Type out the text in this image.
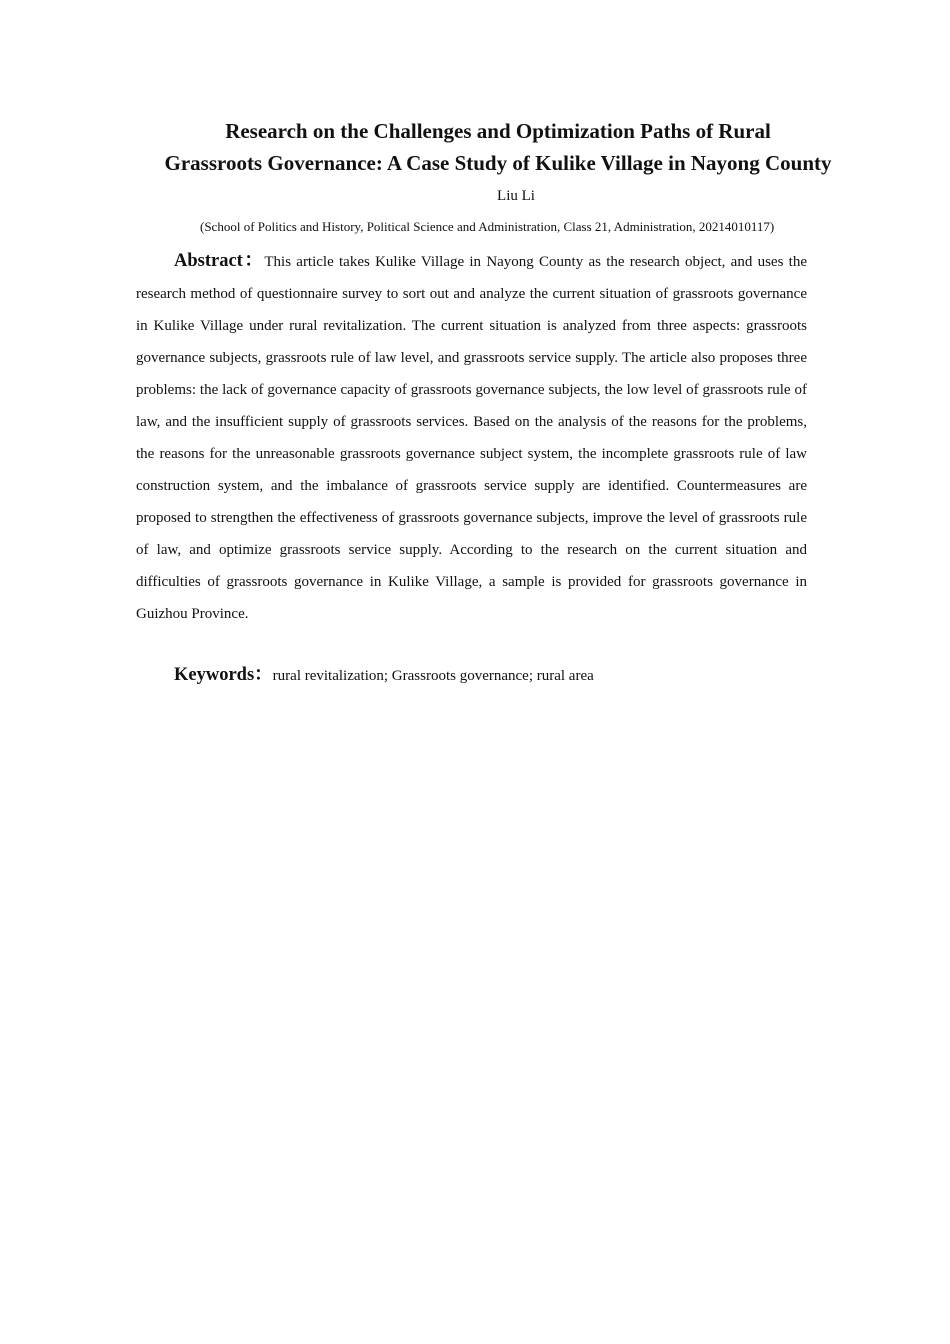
Research on the Challenges and Optimization Paths of Rural
Grassroots Governance: A Case Study of Kulike Village in Nayong County
Liu Li
(School of Politics and History, Political Science and Administration, Class 21, Administration, 20214010117)

Abstract：This article takes Kulike Village in Nayong County as the research object, and uses the research method of questionnaire survey to sort out and analyze the current situation of grassroots governance in Kulike Village under rural revitalization. The current situation is analyzed from three aspects: grassroots governance subjects, grassroots rule of law level, and grassroots service supply. The article also proposes three problems: the lack of governance capacity of grassroots governance subjects, the low level of grassroots rule of law, and the insufficient supply of grassroots services. Based on the analysis of the reasons for the problems, the reasons for the unreasonable grassroots governance subject system, the incomplete grassroots rule of law construction system, and the imbalance of grassroots service supply are identified. Countermeasures are proposed to strengthen the effectiveness of grassroots governance subjects, improve the level of grassroots rule of law, and optimize grassroots service supply. According to the research on the current situation and difficulties of grassroots governance in Kulike Village, a sample is provided for grassroots governance in Guizhou Province.

Keywords：rural revitalization; Grassroots governance; rural area
